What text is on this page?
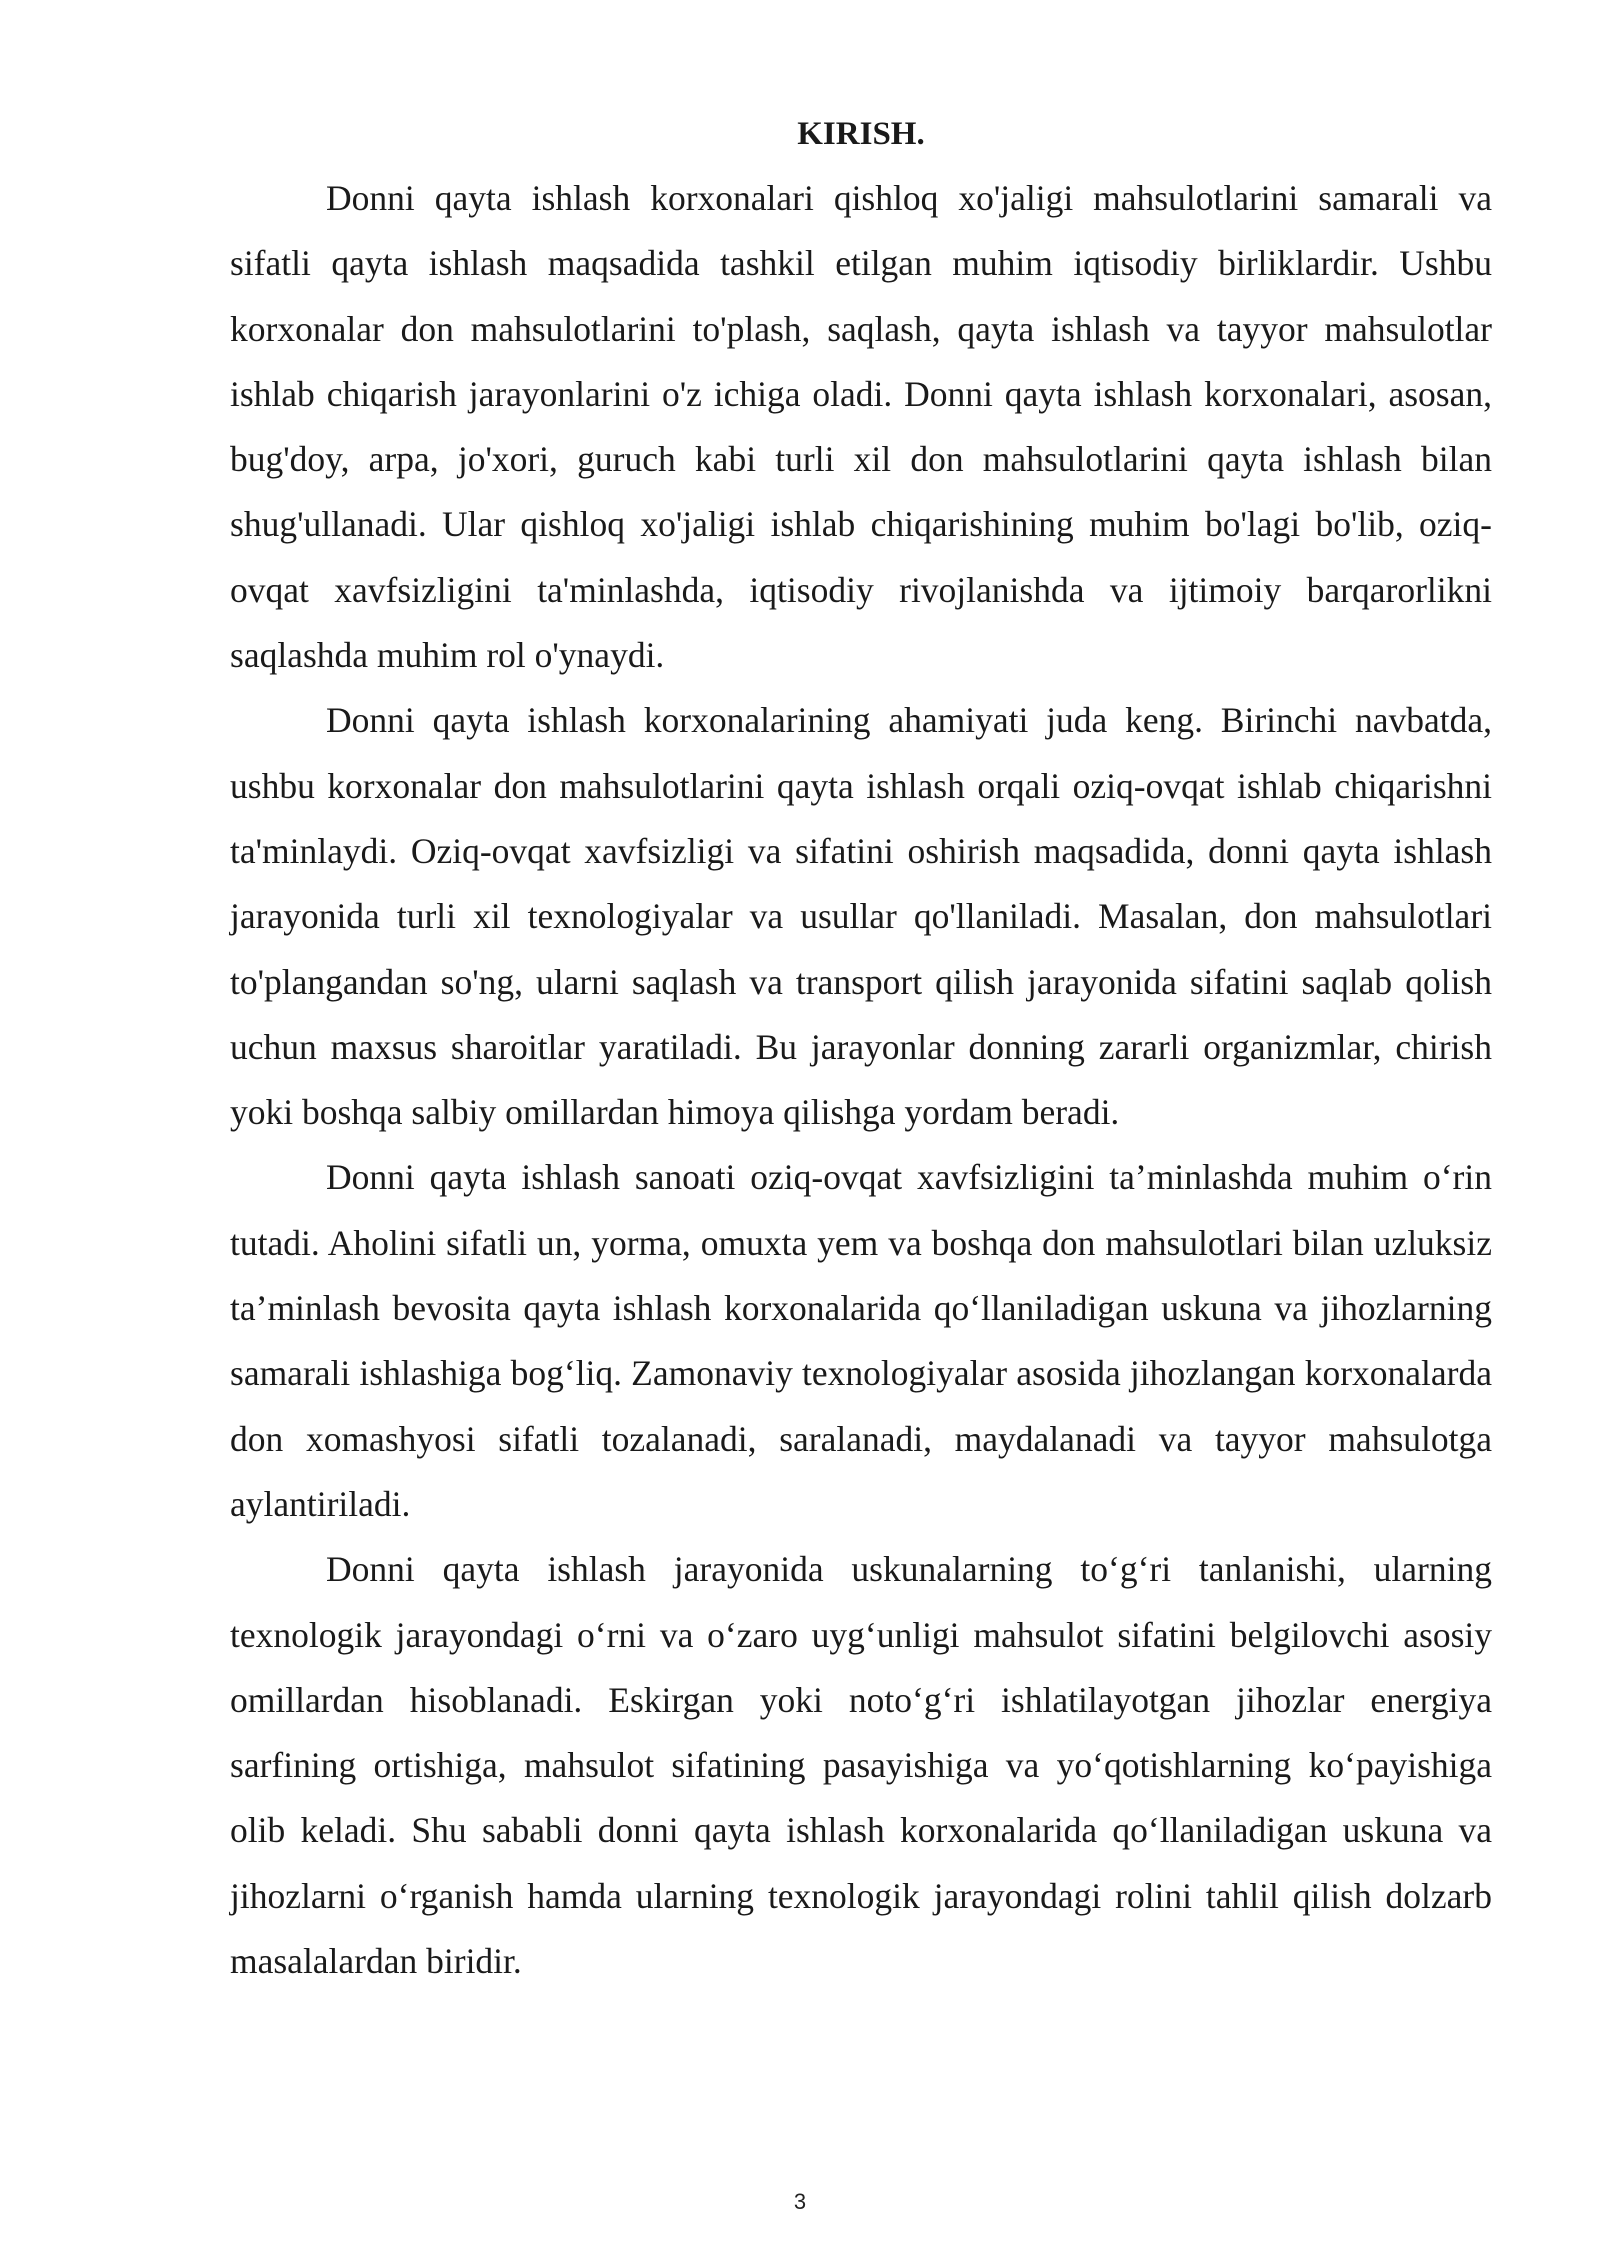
KIRISH.

Donni qayta ishlash korxonalari qishloq xo'jaligi mahsulotlarini samarali va sifatli qayta ishlash maqsadida tashkil etilgan muhim iqtisodiy birliklardir. Ushbu korxonalar don mahsulotlarini to'plash, saqlash, qayta ishlash va tayyor mahsulotlar ishlab chiqarish jarayonlarini o'z ichiga oladi. Donni qayta ishlash korxonalari, asosan, bug'doy, arpa, jo'xori, guruch kabi turli xil don mahsulotlarini qayta ishlash bilan shug'ullanadi. Ular qishloq xo'jaligi ishlab chiqarishining muhim bo'lagi bo'lib, oziq-ovqat xavfsizligini ta'minlashda, iqtisodiy rivojlanishda va ijtimoiy barqarorlikni saqlashda muhim rol o'ynaydi.

Donni qayta ishlash korxonalarining ahamiyati juda keng. Birinchi navbatda, ushbu korxonalar don mahsulotlarini qayta ishlash orqali oziq-ovqat ishlab chiqarishni ta'minlaydi. Oziq-ovqat xavfsizligi va sifatini oshirish maqsadida, donni qayta ishlash jarayonida turli xil texnologiyalar va usullar qo'llaniladi. Masalan, don mahsulotlari to'plangandan so'ng, ularni saqlash va transport qilish jarayonida sifatini saqlab qolish uchun maxsus sharoitlar yaratiladi. Bu jarayonlar donning zararli organizmlar, chirish yoki boshqa salbiy omillardan himoya qilishga yordam beradi.

Donni qayta ishlash sanoati oziq-ovqat xavfsizligini ta’minlashda muhim o‘rin tutadi. Aholini sifatli un, yorma, omuxta yem va boshqa don mahsulotlari bilan uzluksiz ta’minlash bevosita qayta ishlash korxonalarida qo‘llaniladigan uskuna va jihozlarning samarali ishlashiga bog‘liq. Zamonaviy texnologiyalar asosida jihozlangan korxonalarda don xomashyosi sifatli tozalanadi, saralanadi, maydalanadi va tayyor mahsulotga aylantiriladi.

Donni qayta ishlash jarayonida uskunalarning to‘g‘ri tanlanishi, ularning texnologik jarayondagi o‘rni va o‘zaro uyg‘unligi mahsulot sifatini belgilovchi asosiy omillardan hisoblanadi. Eskirgan yoki noto‘g‘ri ishlatilayotgan jihozlar energiya sarfining ortishiga, mahsulot sifatining pasayishiga va yo‘qotishlarning ko‘payishiga olib keladi. Shu sababli donni qayta ishlash korxonalarida qo‘llaniladigan uskuna va jihozlarni o‘rganish hamda ularning texnologik jarayondagi rolini tahlil qilish dolzarb masalalardan biridir.

3
